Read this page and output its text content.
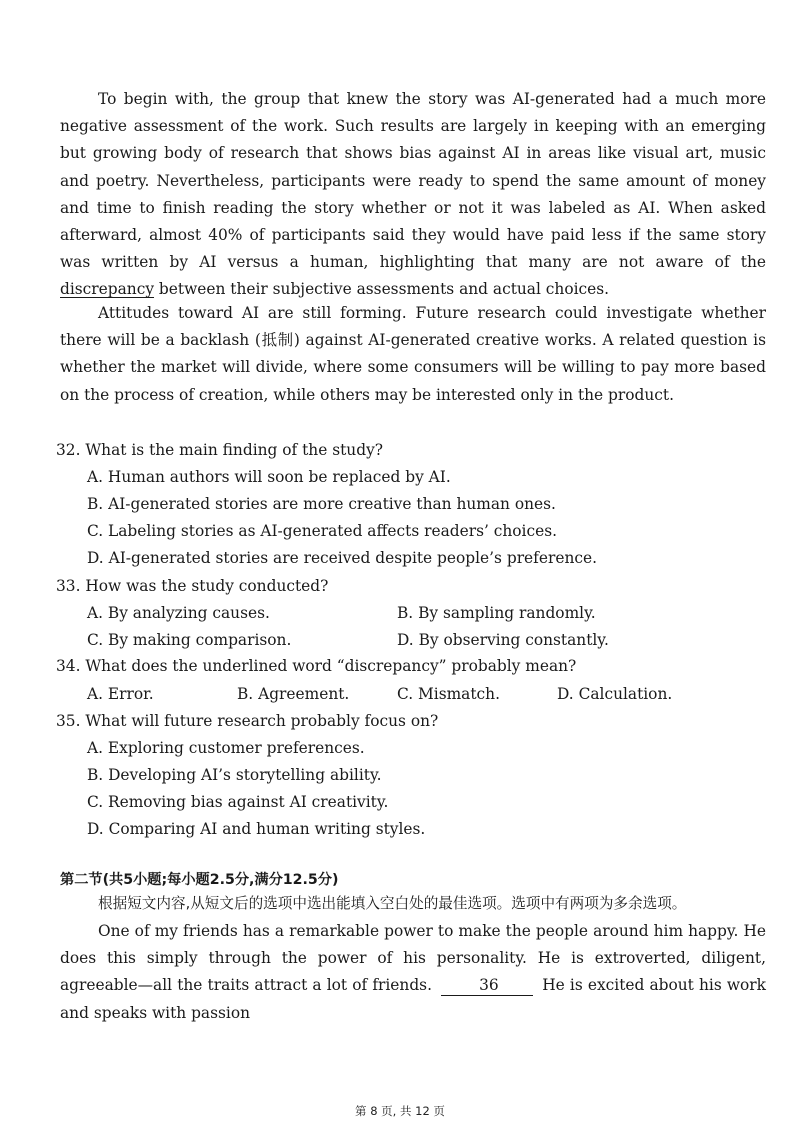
To begin with, the group that knew the story was AI-generated had a much more negative assessment of the work. Such results are largely in keeping with an emerging but growing body of research that shows bias against AI in areas like visual art, music and poetry. Nevertheless, participants were ready to spend the same amount of money and time to finish reading the story whether or not it was labeled as AI. When asked afterward, almost 40% of participants said they would have paid less if the same story was written by AI versus a human, highlighting that many are not aware of the discrepancy between their subjective assessments and actual choices.

Attitudes toward AI are still forming. Future research could investigate whether there will be a backlash (抵制) against AI-generated creative works. A related question is whether the market will divide, where some consumers will be willing to pay more based on the process of creation, while others may be interested only in the product.

32. What is the main finding of the study?

A. Human authors will soon be replaced by AI.
B. AI-generated stories are more creative than human ones.
C. Labeling stories as AI-generated affects readers’ choices.
D. AI-generated stories are received despite people’s preference.

33. How was the study conducted?

A. By analyzing causes.	B. By sampling randomly.
C. By making comparison.	D. By observing constantly.

34. What does the underlined word “discrepancy” probably mean?

A. Error.	B. Agreement.	C. Mismatch.	D. Calculation.

35. What will future research probably focus on?

A. Exploring customer preferences.
B. Developing AI’s storytelling ability.
C. Removing bias against AI creativity.
D. Comparing AI and human writing styles.
第二节(共5小题;每小题2.5分,满分12.5分)
根据短文内容,从短文后的选项中选出能填入空白处的最佳选项。选项中有两项为多余选项。

One of my friends has a remarkable power to make the people around him happy. He does this simply through the power of his personality. He is extroverted, diligent, agreeable—all the traits attract a lot of friends.	36	He is excited about his work and speaks with passion

第 8 页, 共 12 页
